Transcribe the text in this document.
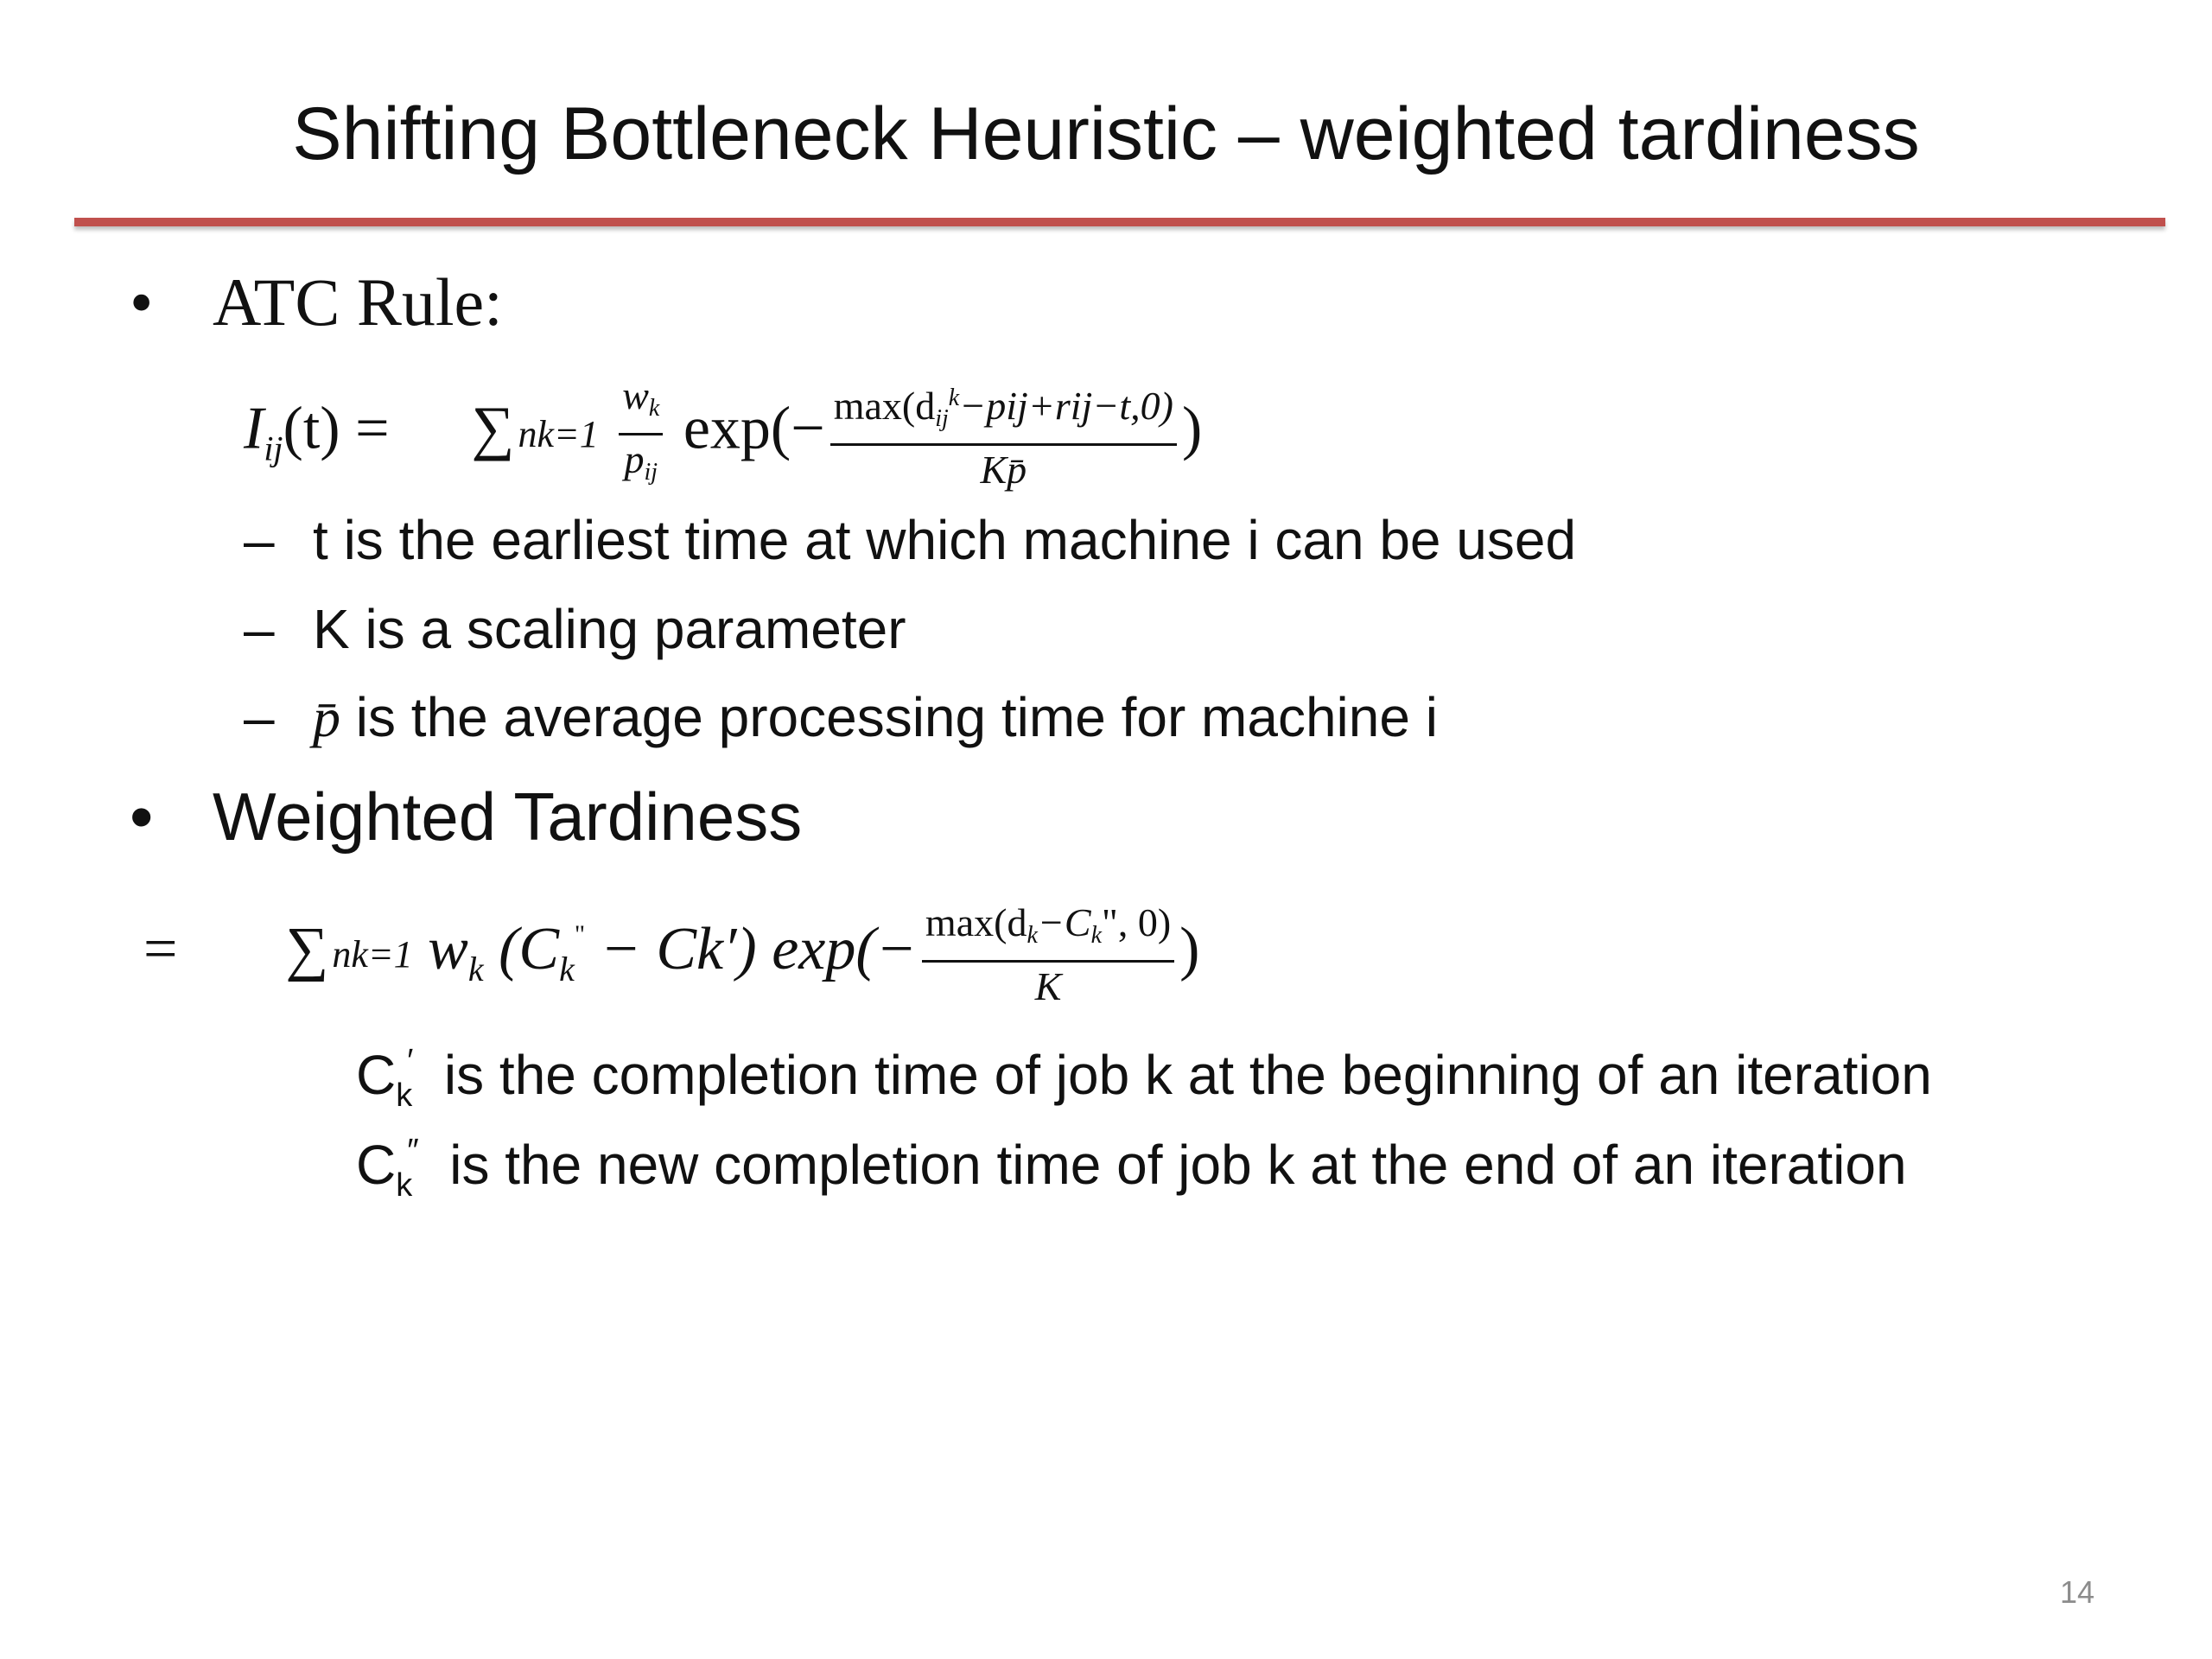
Shifting Bottleneck Heuristic – weighted tardiness
• ATC Rule:
$I_{ij}(t) = \sum nk=1 \frac{w_k}{p_{ij}} \exp(- \frac{\max(d_{ij}^k-pij+rij-t,0)}{Kp̄}$ )
– t is the earliest time at which machine i can be used
– K is a scaling parameter
– p̄ is the average processing time for machine i
• Weighted Tardiness
= ∑nk=1 $w_k$ $(C_k^" - Ck')$ $\exp(- \frac{\max(d_k-C_k", 0)}{K}$ )
$C_k'$ is the completion time of job k at the beginning of an iteration
$C_k''$ is the new completion time of job k at the end of an iteration
14
